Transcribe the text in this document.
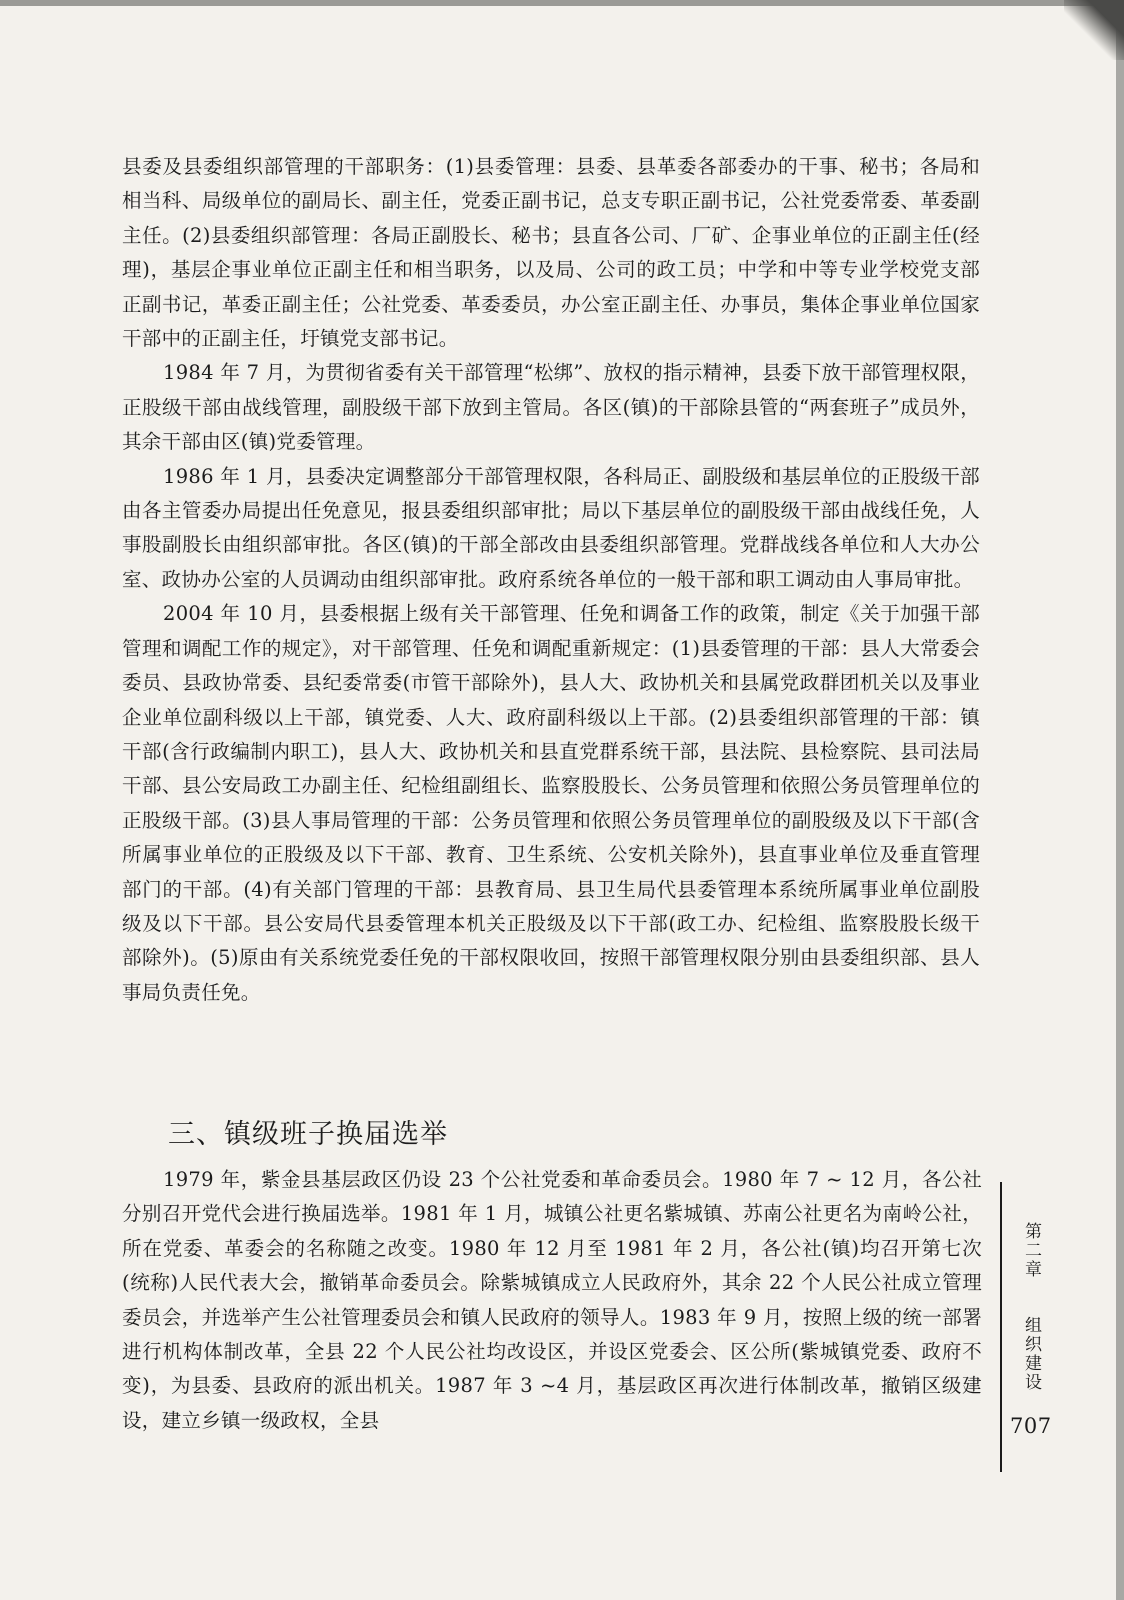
县委及县委组织部管理的干部职务：(1)县委管理：县委、县革委各部委办的干事、秘书；各局和相当科、局级单位的副局长、副主任，党委正副书记，总支专职正副书记，公社党委常委、革委副主任。(2)县委组织部管理：各局正副股长、秘书；县直各公司、厂矿、企事业单位的正副主任(经理)，基层企事业单位正副主任和相当职务，以及局、公司的政工员；中学和中等专业学校党支部正副书记，革委正副主任；公社党委、革委委员，办公室正副主任、办事员，集体企事业单位国家干部中的正副主任，圩镇党支部书记。

1984 年 7 月，为贯彻省委有关干部管理“松绑”、放权的指示精神，县委下放干部管理权限，正股级干部由战线管理，副股级干部下放到主管局。各区(镇)的干部除县管的“两套班子”成员外，其余干部由区(镇)党委管理。

1986 年 1 月，县委决定调整部分干部管理权限，各科局正、副股级和基层单位的正股级干部由各主管委办局提出任免意见，报县委组织部审批；局以下基层单位的副股级干部由战线任免，人事股副股长由组织部审批。各区(镇)的干部全部改由县委组织部管理。党群战线各单位和人大办公室、政协办公室的人员调动由组织部审批。政府系统各单位的一般干部和职工调动由人事局审批。

2004 年 10 月，县委根据上级有关干部管理、任免和调备工作的政策，制定《关于加强干部管理和调配工作的规定》，对干部管理、任免和调配重新规定：(1)县委管理的干部：县人大常委会委员、县政协常委、县纪委常委(市管干部除外)，县人大、政协机关和县属党政群团机关以及事业企业单位副科级以上干部，镇党委、人大、政府副科级以上干部。(2)县委组织部管理的干部：镇干部(含行政编制内职工)，县人大、政协机关和县直党群系统干部，县法院、县检察院、县司法局干部、县公安局政工办副主任、纪检组副组长、监察股股长、公务员管理和依照公务员管理单位的正股级干部。(3)县人事局管理的干部：公务员管理和依照公务员管理单位的副股级及以下干部(含所属事业单位的正股级及以下干部、教育、卫生系统、公安机关除外)，县直事业单位及垂直管理部门的干部。(4)有关部门管理的干部：县教育局、县卫生局代县委管理本系统所属事业单位副股级及以下干部。县公安局代县委管理本机关正股级及以下干部(政工办、纪检组、监察股股长级干部除外)。(5)原由有关系统党委任免的干部权限收回，按照干部管理权限分别由县委组织部、县人事局负责任免。

三、镇级班子换届选举

1979 年，紫金县基层政区仍设 23 个公社党委和革命委员会。1980 年 7 ~ 12 月，各公社分别召开党代会进行换届选举。1981 年 1 月，城镇公社更名紫城镇、苏南公社更名为南岭公社，所在党委、革委会的名称随之改变。1980 年 12 月至 1981 年 2 月，各公社(镇)均召开第七次(统称)人民代表大会，撤销革命委员会。除紫城镇成立人民政府外，其余 22 个人民公社成立管理委员会，并选举产生公社管理委员会和镇人民政府的领导人。1983 年 9 月，按照上级的统一部署进行机构体制改革，全县 22 个人民公社均改设区，并设区党委会、区公所(紫城镇党委、政府不变)，为县委、县政府的派出机关。1987 年 3 ~4 月，基层政区再次进行体制改革，撤销区级建设，建立乡镇一级政权，全县

第二章
组织建设
707
